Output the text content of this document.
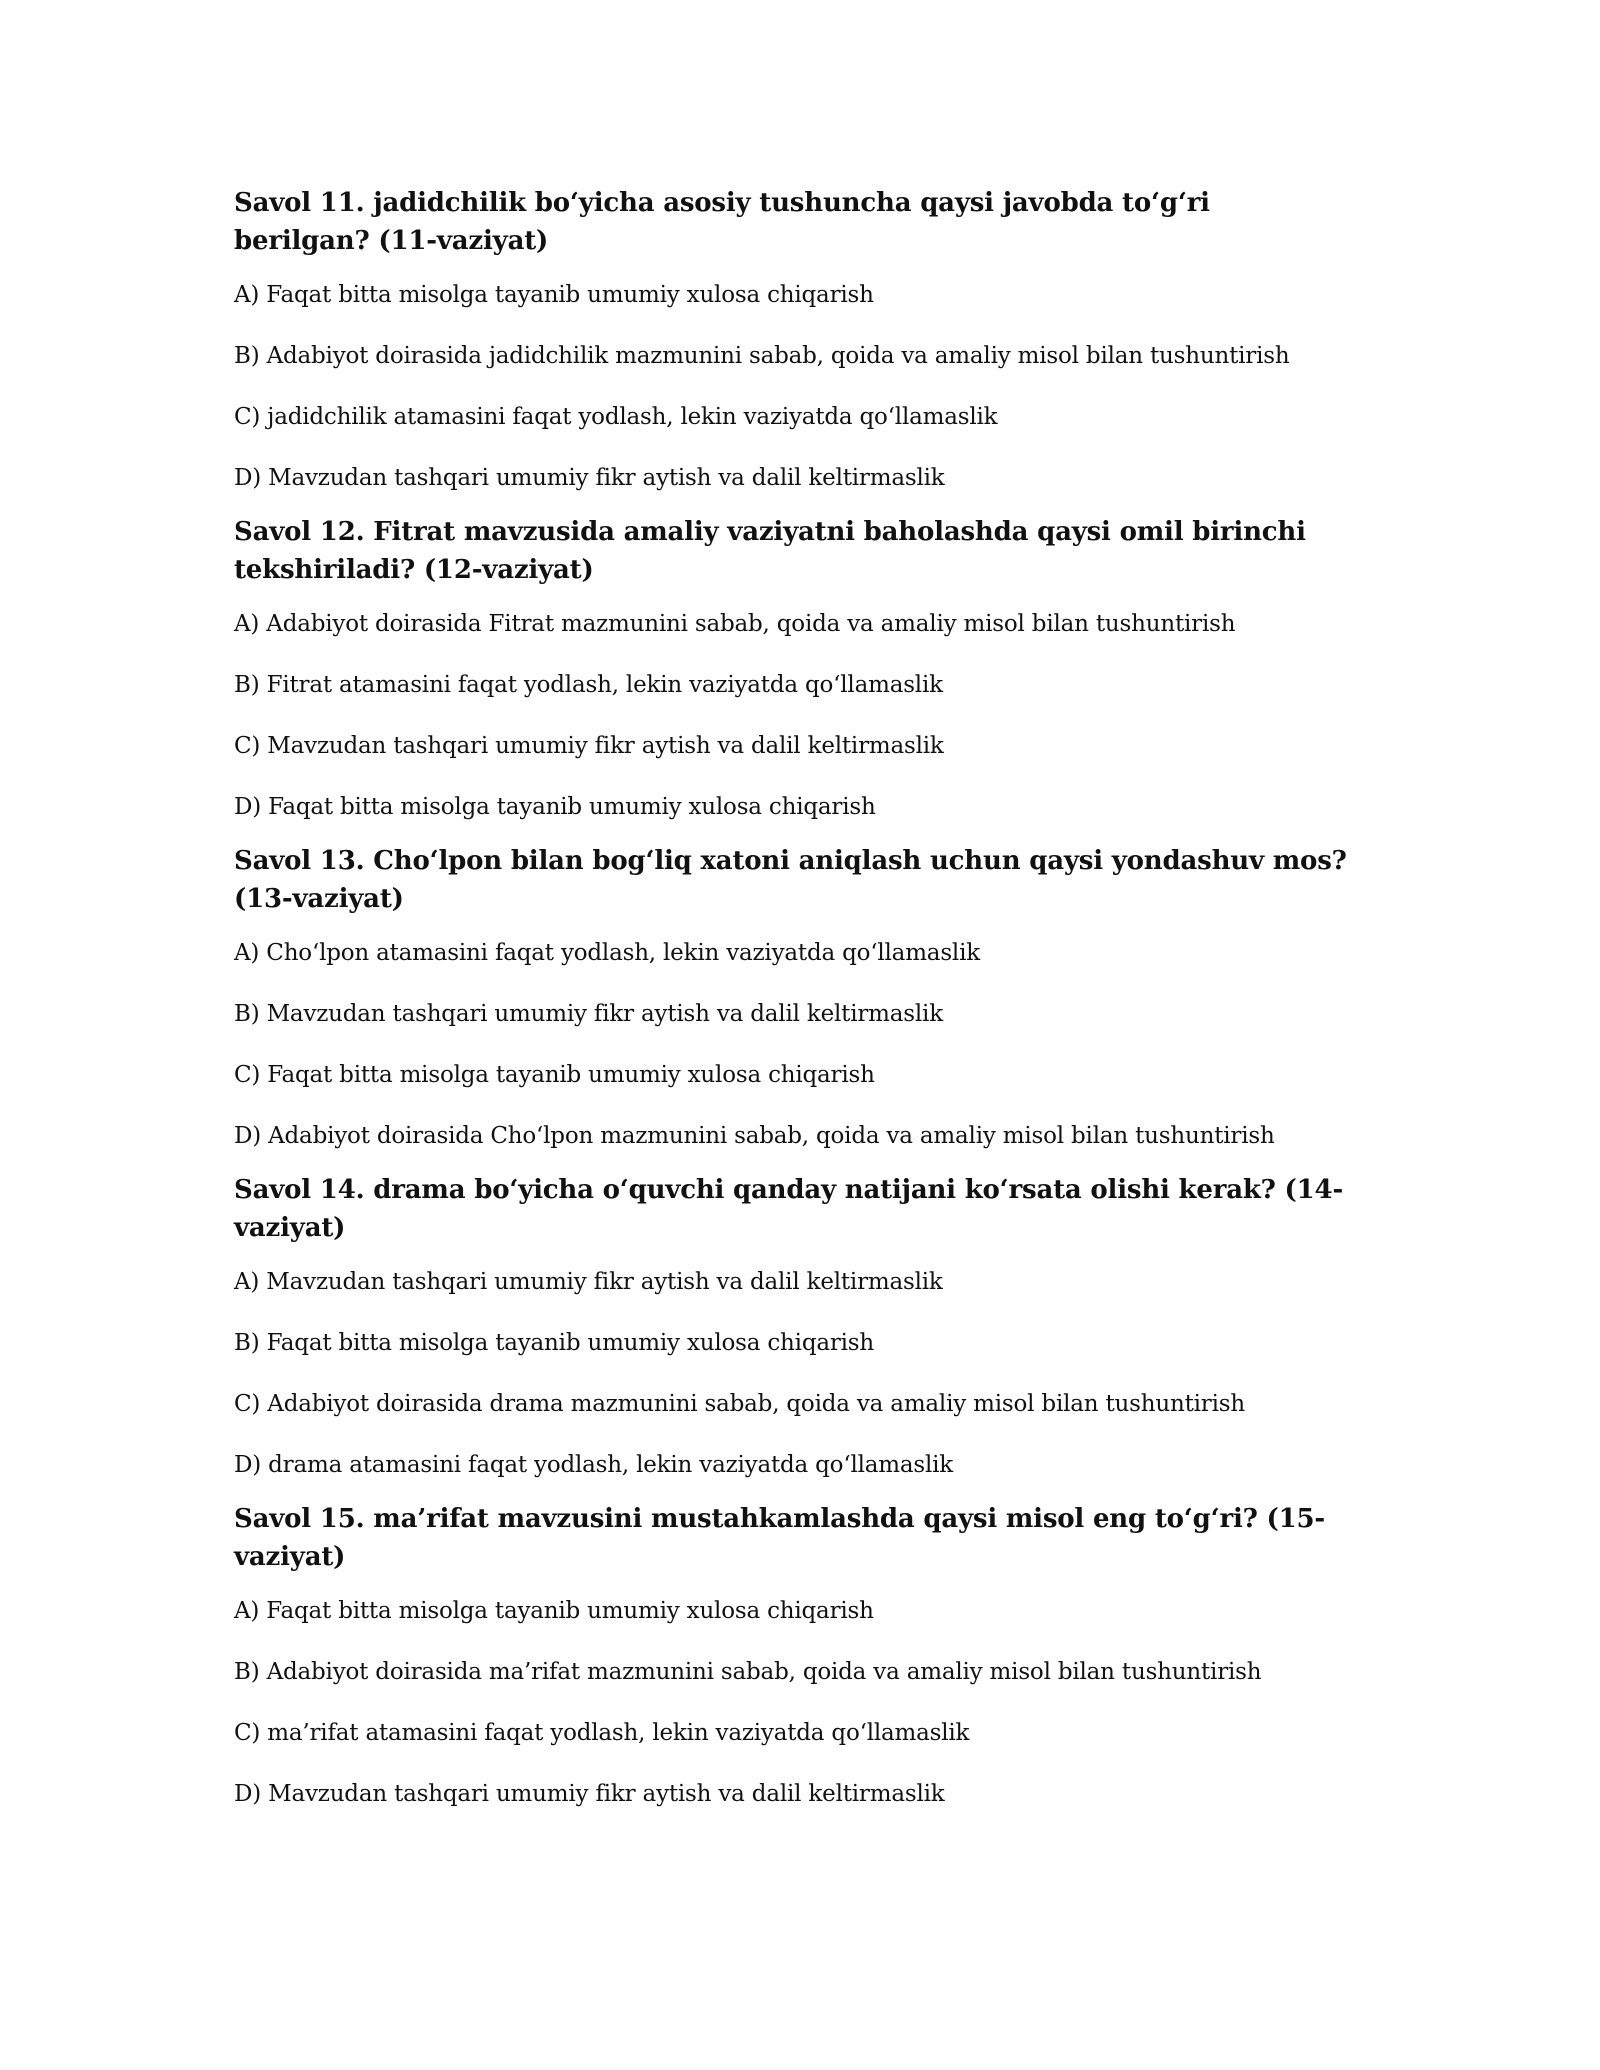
Savol 11. jadidchilik bo‘yicha asosiy tushuncha qaysi javobda to‘g‘ri berilgan? (11-vaziyat)

A) Faqat bitta misolga tayanib umumiy xulosa chiqarish

B) Adabiyot doirasida jadidchilik mazmunini sabab, qoida va amaliy misol bilan tushuntirish

C) jadidchilik atamasini faqat yodlash, lekin vaziyatda qo‘llamaslik

D) Mavzudan tashqari umumiy fikr aytish va dalil keltirmaslik

Savol 12. Fitrat mavzusida amaliy vaziyatni baholashda qaysi omil birinchi tekshiriladi? (12-vaziyat)

A) Adabiyot doirasida Fitrat mazmunini sabab, qoida va amaliy misol bilan tushuntirish

B) Fitrat atamasini faqat yodlash, lekin vaziyatda qo‘llamaslik

C) Mavzudan tashqari umumiy fikr aytish va dalil keltirmaslik

D) Faqat bitta misolga tayanib umumiy xulosa chiqarish

Savol 13. Cho‘lpon bilan bog‘liq xatoni aniqlash uchun qaysi yondashuv mos? (13-vaziyat)

A) Cho‘lpon atamasini faqat yodlash, lekin vaziyatda qo‘llamaslik

B) Mavzudan tashqari umumiy fikr aytish va dalil keltirmaslik

C) Faqat bitta misolga tayanib umumiy xulosa chiqarish

D) Adabiyot doirasida Cho‘lpon mazmunini sabab, qoida va amaliy misol bilan tushuntirish

Savol 14. drama bo‘yicha o‘quvchi qanday natijani ko‘rsata olishi kerak? (14-vaziyat)

A) Mavzudan tashqari umumiy fikr aytish va dalil keltirmaslik

B) Faqat bitta misolga tayanib umumiy xulosa chiqarish

C) Adabiyot doirasida drama mazmunini sabab, qoida va amaliy misol bilan tushuntirish

D) drama atamasini faqat yodlash, lekin vaziyatda qo‘llamaslik

Savol 15. ma’rifat mavzusini mustahkamlashda qaysi misol eng to‘g‘ri? (15-vaziyat)

A) Faqat bitta misolga tayanib umumiy xulosa chiqarish

B) Adabiyot doirasida ma’rifat mazmunini sabab, qoida va amaliy misol bilan tushuntirish

C) ma’rifat atamasini faqat yodlash, lekin vaziyatda qo‘llamaslik

D) Mavzudan tashqari umumiy fikr aytish va dalil keltirmaslik
